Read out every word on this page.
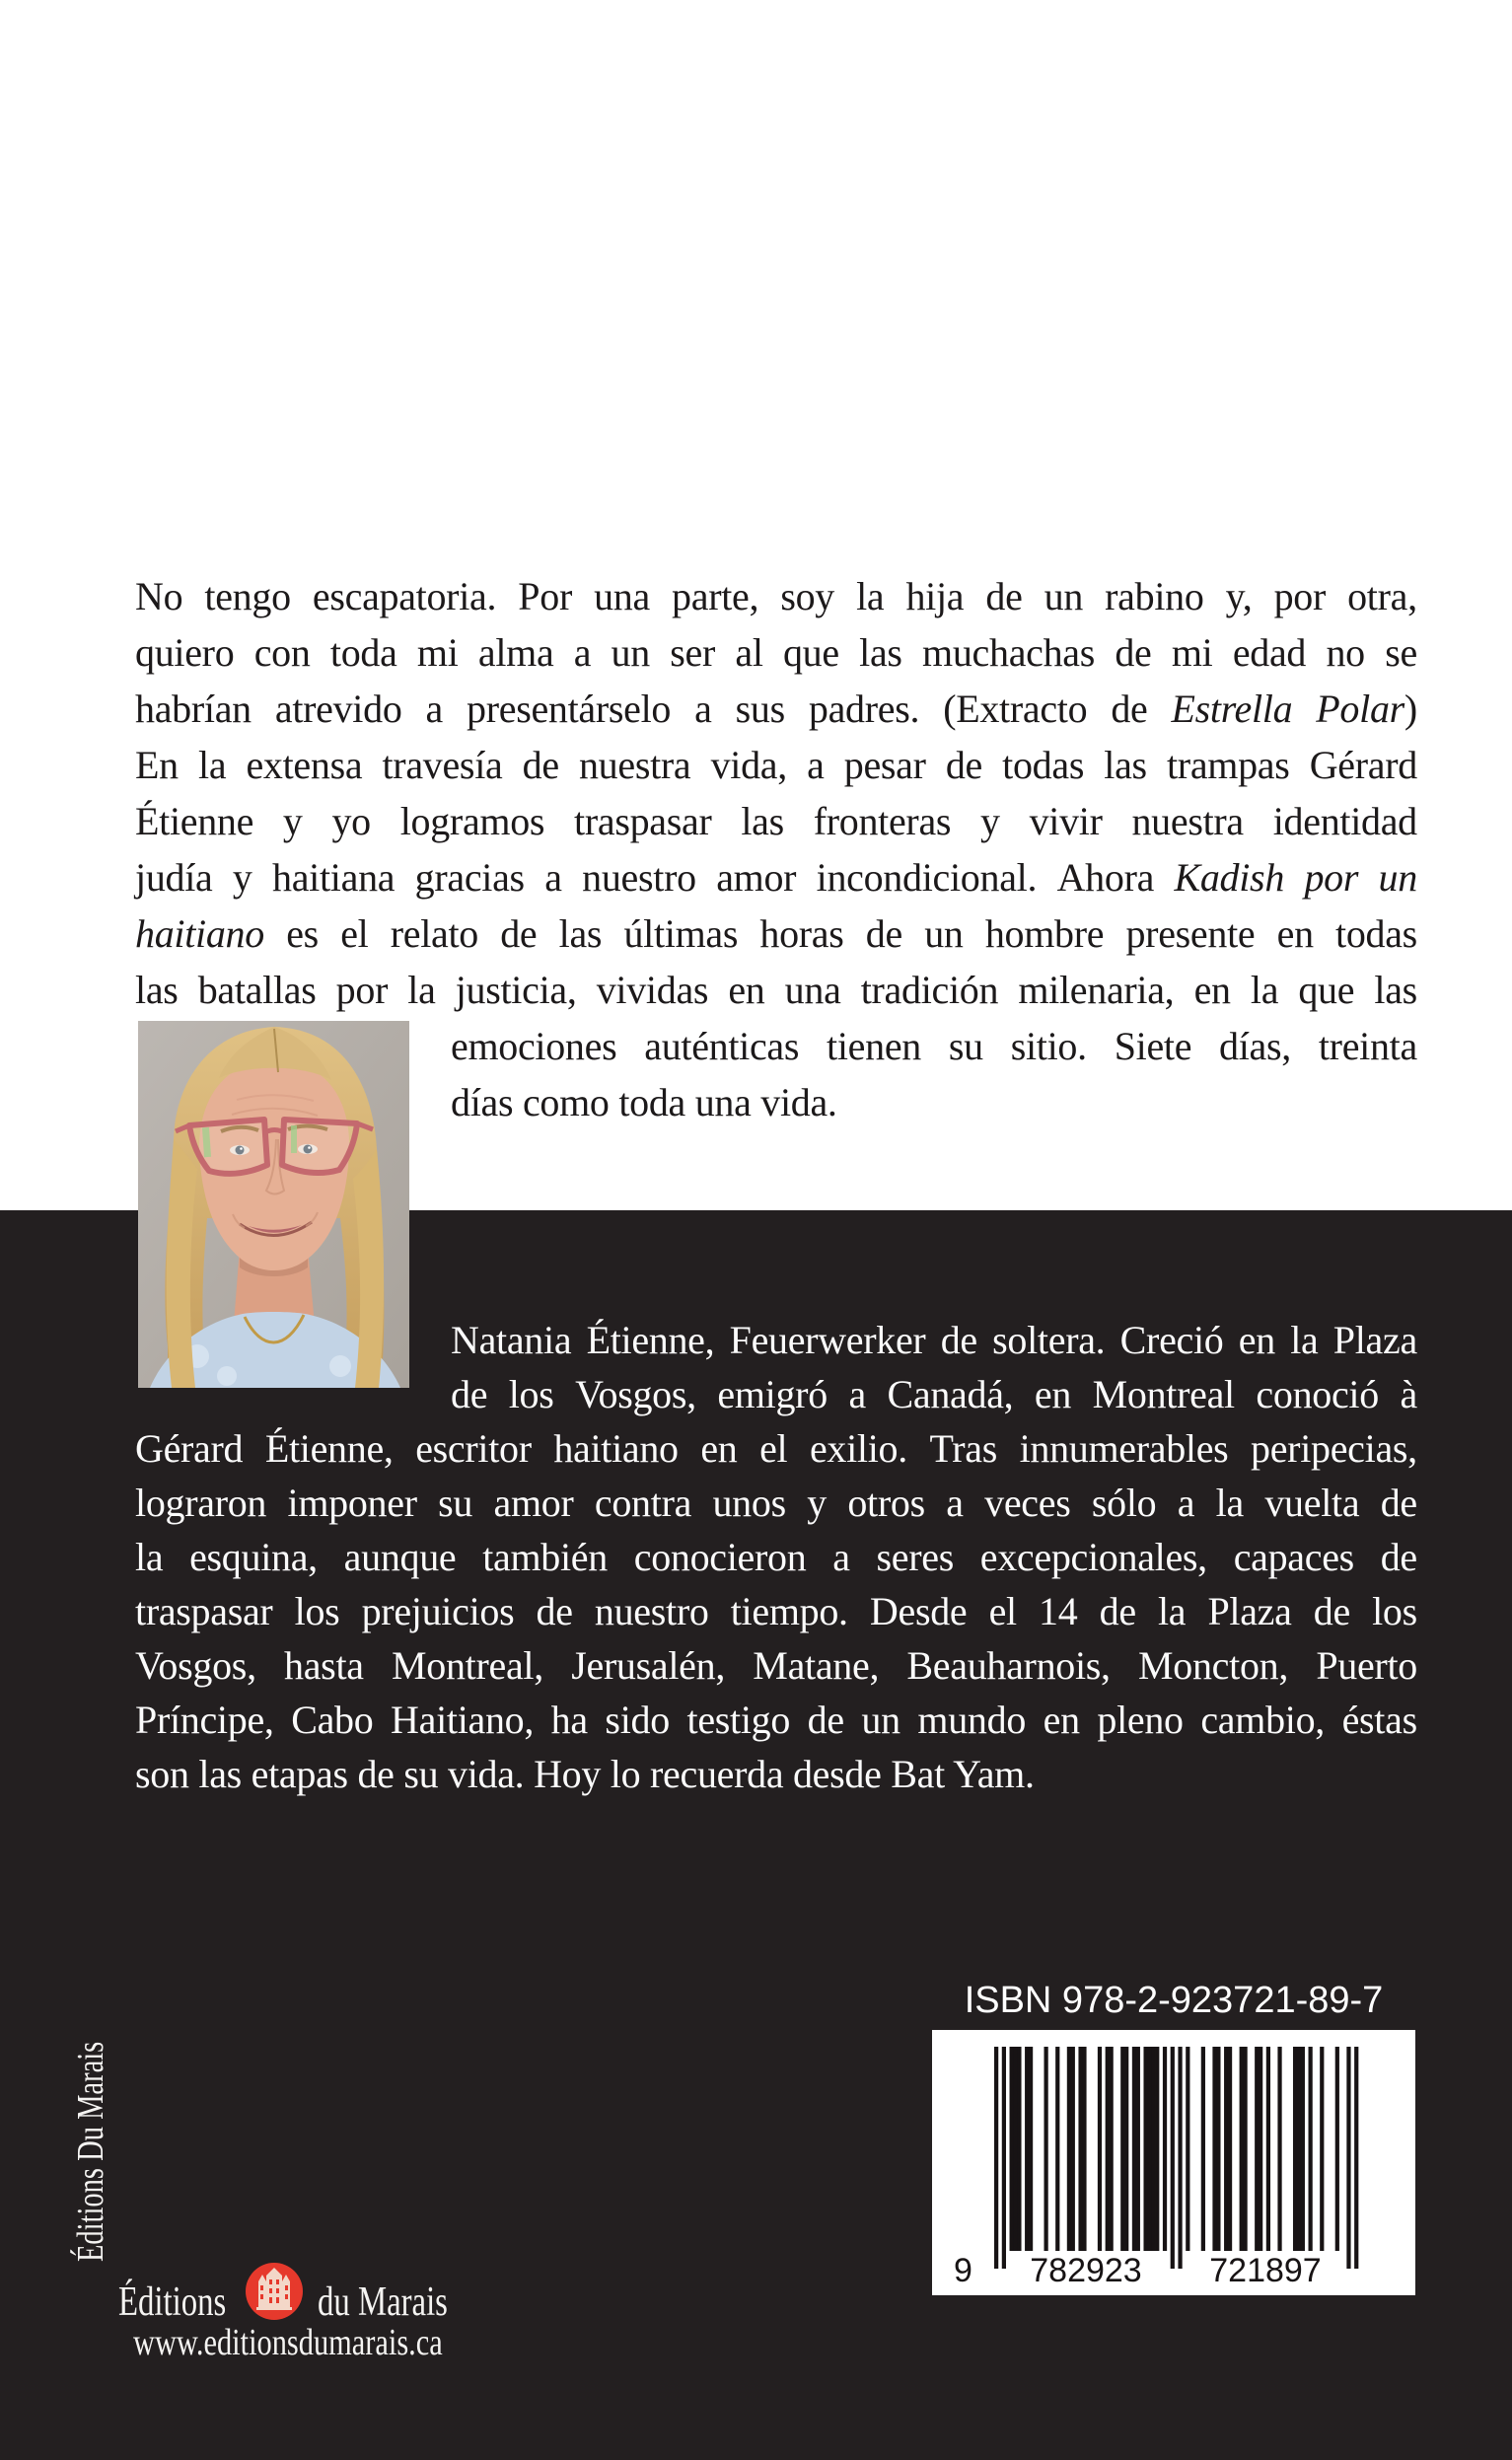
No tengo escapatoria. Por una parte, soy la hija de un rabino y, por otra,
quiero con toda mi alma a un ser al que las muchachas de mi edad no se
habrían atrevido a presentárselo a sus padres. (Extracto de Estrella Polar)
En la extensa travesía de nuestra vida, a pesar de todas las trampas Gérard
Étienne y yo logramos traspasar las fronteras y vivir nuestra identidad
judía y haitiana gracias a nuestro amor incondicional. Ahora Kadish por un
haitiano es el relato de las últimas horas de un hombre presente en todas
las batallas por la justicia, vividas en una tradición milenaria, en la que las
emociones auténticas tienen su sitio. Siete días, treinta
días como toda una vida.
Natania Étienne, Feuerwerker de soltera. Creció en la Plaza
de los Vosgos, emigró a Canadá, en Montreal conoció à
Gérard Étienne, escritor haitiano en el exilio. Tras innumerables peripecias,
lograron imponer su amor contra unos y otros a veces sólo a la vuelta de
la esquina, aunque también conocieron a seres excepcionales, capaces de
traspasar los prejuicios de nuestro tiempo. Desde el 14 de la Plaza de los
Vosgos, hasta Montreal, Jerusalén, Matane, Beauharnois, Moncton, Puerto
Príncipe, Cabo Haitiano, ha sido testigo de un mundo en pleno cambio, éstas
son las etapas de su vida. Hoy lo recuerda desde Bat Yam.
ISBN 978-2-923721-89-7
9 782923 721897
Éditions Du Marais
Éditions	du Marais
www.editionsdumarais.ca
